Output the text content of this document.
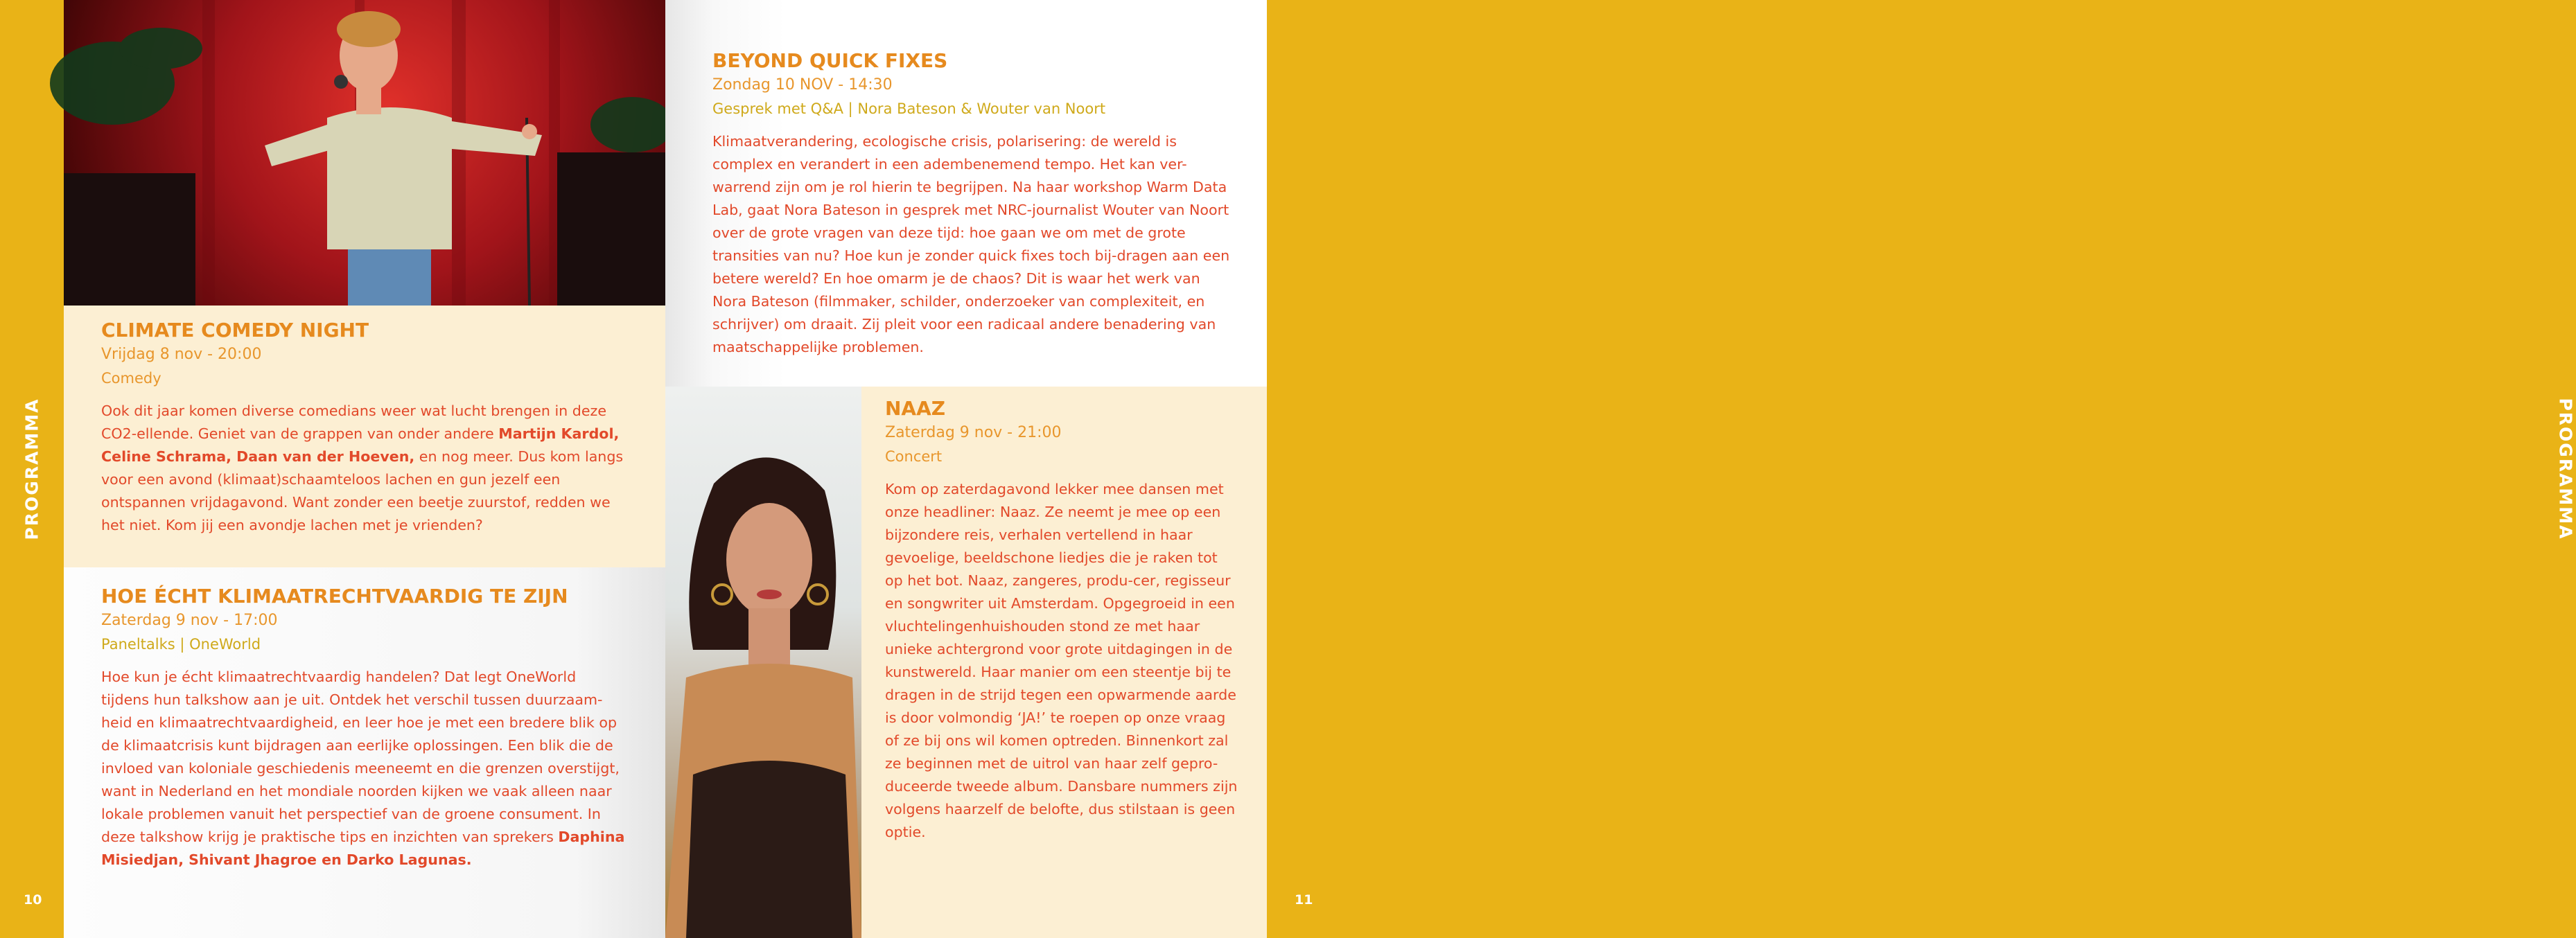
PROGRAMMA
10
PROGRAMMA
11
CLIMATE COMEDY NIGHT

Vrijdag 8 nov - 20:00

Comedy

Ook dit jaar komen diverse comedians weer wat lucht brengen in deze CO2-ellende. Geniet van de grappen van onder andere Martijn Kardol, Celine Schrama, Daan van der Hoeven, en nog meer. Dus kom langs voor een avond (klimaat)schaamteloos lachen en gun jezelf een ontspannen vrijdagavond. Want zonder een beetje zuurstof, redden we het niet. Kom jij een avondje lachen met je vrienden?

HOE ÉCHT KLIMAATRECHTVAARDIG TE ZIJN

Zaterdag 9 nov - 17:00

Paneltalks | OneWorld

Hoe kun je écht klimaatrechtvaardig handelen? Dat legt OneWorld tijdens hun talkshow aan je uit. Ontdek het verschil tussen duurzaam-heid en klimaatrechtvaardigheid, en leer hoe je met een bredere blik op de klimaatcrisis kunt bijdragen aan eerlijke oplossingen. Een blik die de invloed van koloniale geschiedenis meeneemt en die grenzen overstijgt, want in Nederland en het mondiale noorden kijken we vaak alleen naar lokale problemen vanuit het perspectief van de groene consument. In deze talkshow krijg je praktische tips en inzichten van sprekers Daphina Misiedjan, Shivant Jhagroe en Darko Lagunas.

BEYOND QUICK FIXES

Zondag 10 NOV - 14:30

Gesprek met Q&A | Nora Bateson & Wouter van Noort

Klimaatverandering, ecologische crisis, polarisering: de wereld is complex en verandert in een adembenemend tempo. Het kan ver-warrend zijn om je rol hierin te begrijpen. Na haar workshop Warm Data Lab, gaat Nora Bateson in gesprek met NRC-journalist Wouter van Noort over de grote vragen van deze tijd: hoe gaan we om met de grote transities van nu? Hoe kun je zonder quick fixes toch bij-dragen aan een betere wereld? En hoe omarm je de chaos? Dit is waar het werk van Nora Bateson (filmmaker, schilder, onderzoeker van complexiteit, en schrijver) om draait. Zij pleit voor een radicaal andere benadering van maatschappelijke problemen.

NAAZ

Zaterdag 9 nov - 21:00

Concert

Kom op zaterdagavond lekker mee dansen met onze headliner: Naaz. Ze neemt je mee op een bijzondere reis, verhalen vertellend in haar gevoelige, beeldschone liedjes die je raken tot op het bot. Naaz, zangeres, produ-cer, regisseur en songwriter uit Amsterdam. Opgegroeid in een vluchtelingenhuishouden stond ze met haar unieke achtergrond voor grote uitdagingen in de kunstwereld. Haar manier om een steentje bij te dragen in de strijd tegen een opwarmende aarde is door volmondig ‘JA!’ te roepen op onze vraag of ze bij ons wil komen optreden. Binnenkort zal ze beginnen met de uitrol van haar zelf gepro-duceerde tweede album. Dansbare nummers zijn volgens haarzelf de belofte, dus stilstaan is geen optie.
